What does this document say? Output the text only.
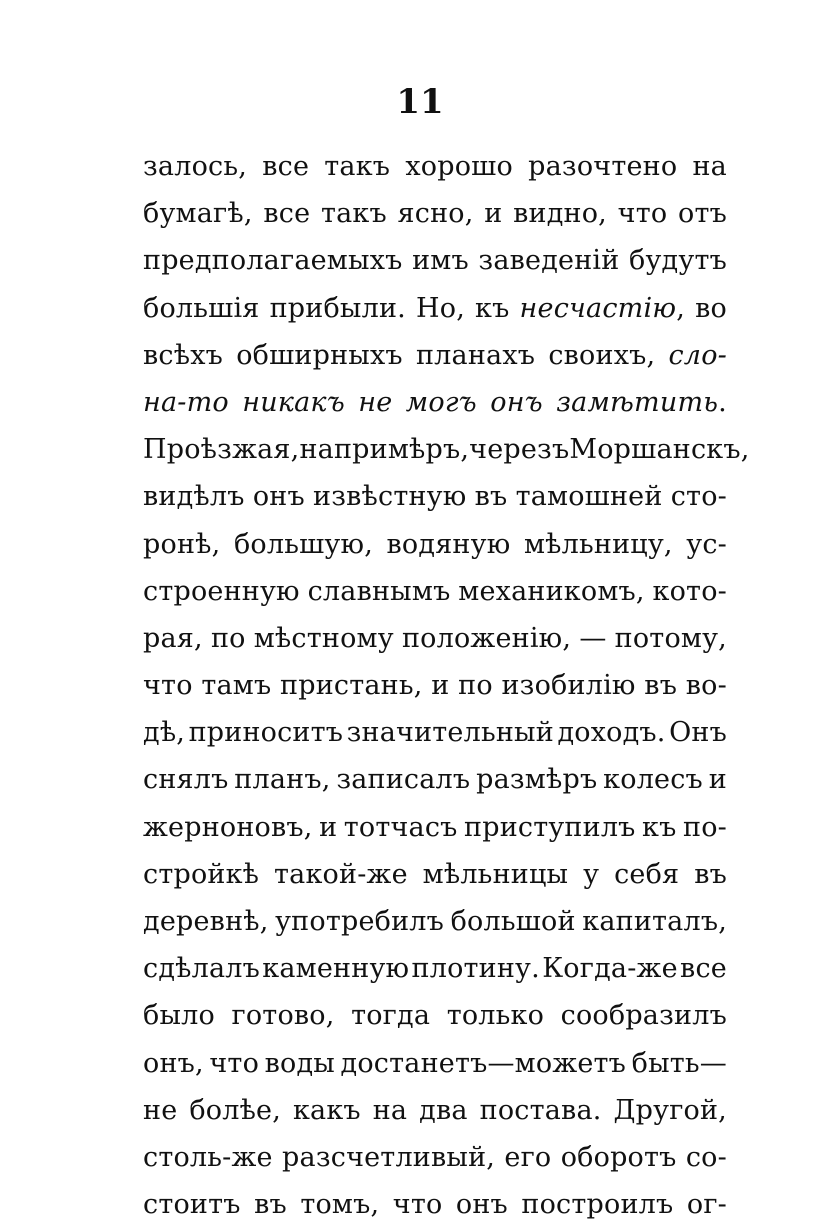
11
залось, все такъ хорошо разочтено на
бумагѣ, все такъ ясно, и видно, что отъ
предполагаемыхъ имъ заведеній будутъ
большія прибыли. Но, къ несчастію, во
всѣхъ обширныхъ планахъ своихъ, сло-
на-то никакъ не могъ онъ замѣтить.
Проѣзжая, на примѣръ, черезъ Моршанскъ,
видѣлъ онъ извѣстную въ тамошней сто-
ронѣ, большую, водяную мѣльницу, ус-
строенную славнымъ механикомъ, кото-
рая, по мѣстному положенію, — потому,
что тамъ пристань, и по изобилію въ во-
дѣ, приноситъ значительный доходъ. Онъ
снялъ планъ, записалъ размѣръ колесъ и
жерноновъ, и тотчасъ приступилъ къ по-
стройкѣ такой-же мѣльницы у себя въ
деревнѣ, употребилъ большой капиталъ,
сдѣлалъ каменную плотину. Когда-же все
было готово, тогда только сообразилъ
онъ, что воды достанетъ—можетъ быть—
не болѣе, какъ на два постава. Другой,
столь-же разсчетливый, его оборотъ со-
стоитъ въ томъ, что онъ построилъ ог-
